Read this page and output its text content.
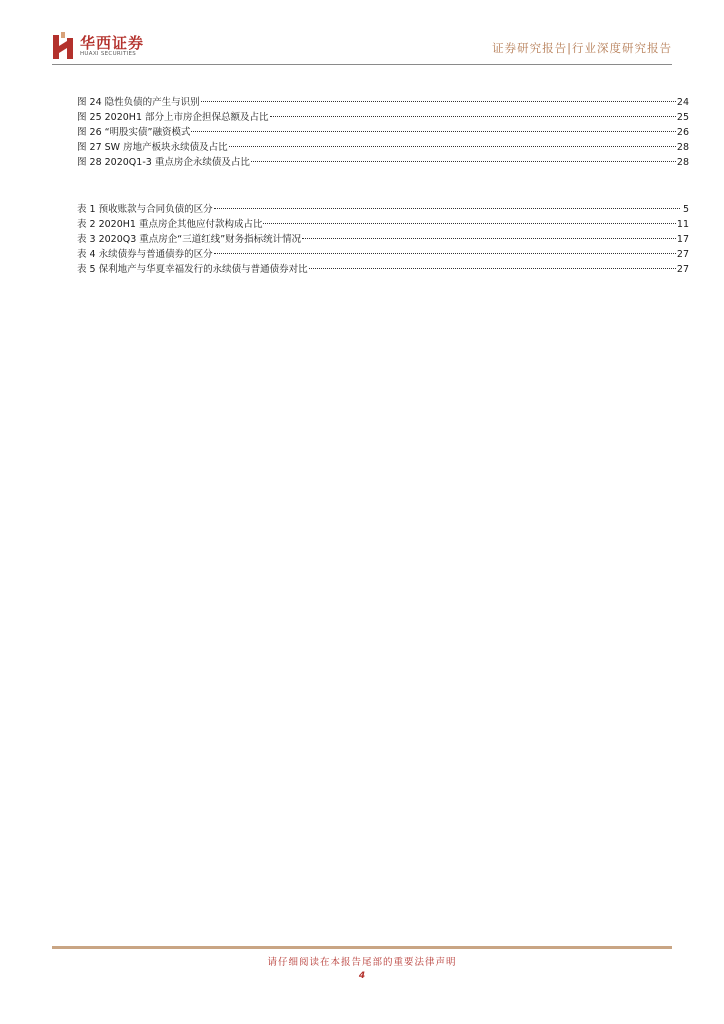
华西证券
HUAXI SECURITIES	证券研究报告|行业深度研究报告
图 24 隐性负债的产生与识别	24
图 25 2020H1 部分上市房企担保总额及占比	25
图 26 “明股实债”融资模式	26
图 27 SW 房地产板块永续债及占比	28
图 28 2020Q1-3 重点房企永续债及占比	28
表 1 预收账款与合同负债的区分	5
表 2 2020H1 重点房企其他应付款构成占比	11
表 3 2020Q3 重点房企“三道红线”财务指标统计情况	17
表 4 永续债券与普通债券的区分	27
表 5 保利地产与华夏幸福发行的永续债与普通债券对比	27
请仔细阅读在本报告尾部的重要法律声明
4
